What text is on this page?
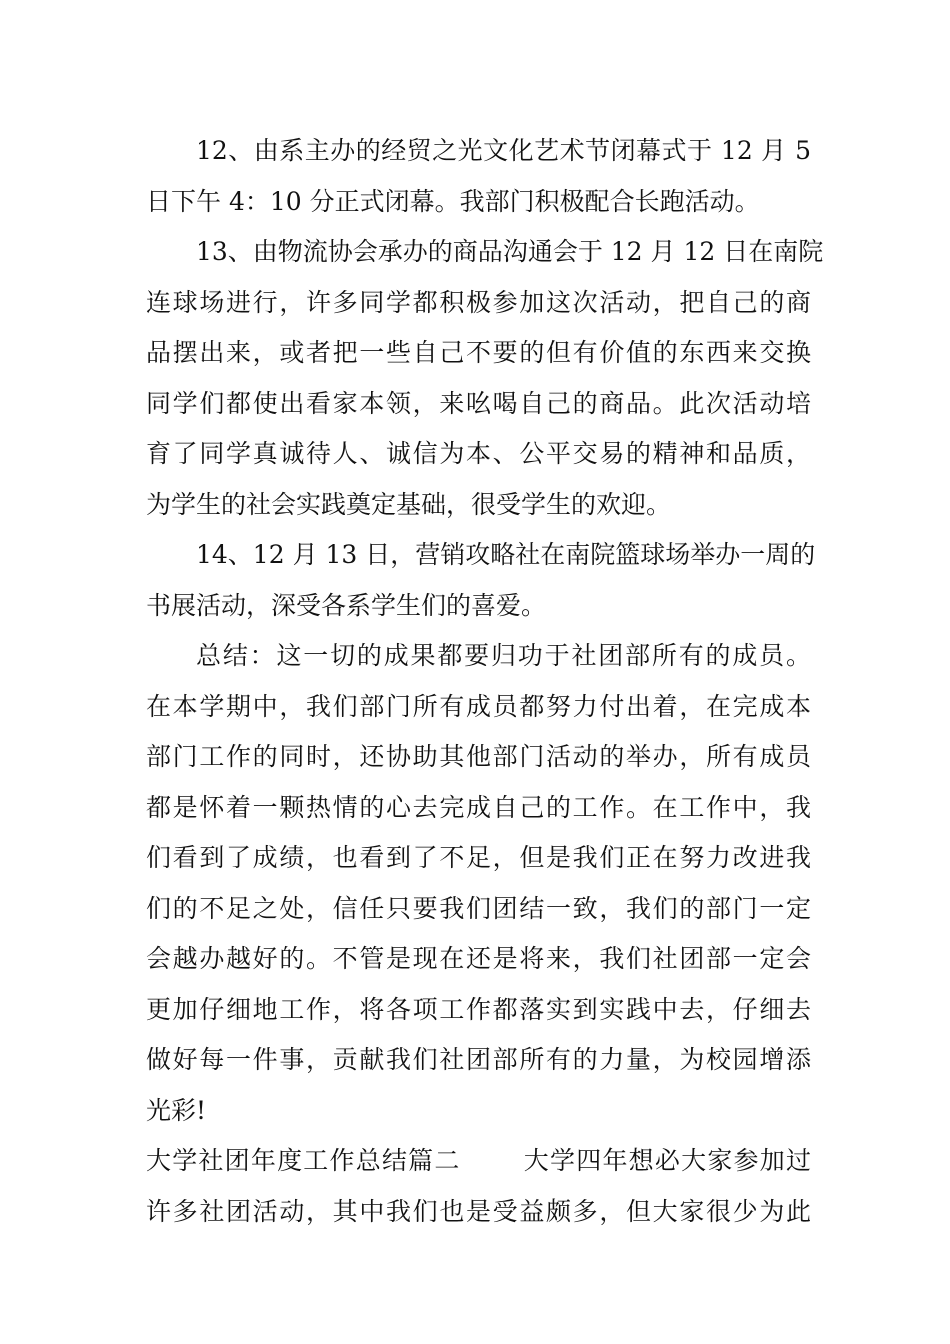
12、由系主办的经贸之光文化艺术节闭幕式于 12 月 5
日下午 4：10 分正式闭幕。我部门积极配合长跑活动。
13、由物流协会承办的商品沟通会于 12 月 12 日在南院
连球场进行，许多同学都积极参加这次活动，把自己的商
品摆出来，或者把一些自己不要的但有价值的东西来交换
同学们都使出看家本领，来吆喝自己的商品。此次活动培
育了同学真诚待人、诚信为本、公平交易的精神和品质，
为学生的社会实践奠定基础，很受学生的欢迎。
14、12 月 13 日，营销攻略社在南院篮球场举办一周的
书展活动，深受各系学生们的喜爱。
总结：这一切的成果都要归功于社团部所有的成员。
在本学期中，我们部门所有成员都努力付出着，在完成本
部门工作的同时，还协助其他部门活动的举办，所有成员
都是怀着一颗热情的心去完成自己的工作。在工作中，我
们看到了成绩，也看到了不足，但是我们正在努力改进我
们的不足之处，信任只要我们团结一致，我们的部门一定
会越办越好的。不管是现在还是将来，我们社团部一定会
更加仔细地工作，将各项工作都落实到实践中去，仔细去
做好每一件事，贡献我们社团部所有的力量，为校园增添
光彩!
大学社团年度工作总结篇二 大学四年想必大家参加过
许多社团活动，其中我们也是受益颇多，但大家很少为此
